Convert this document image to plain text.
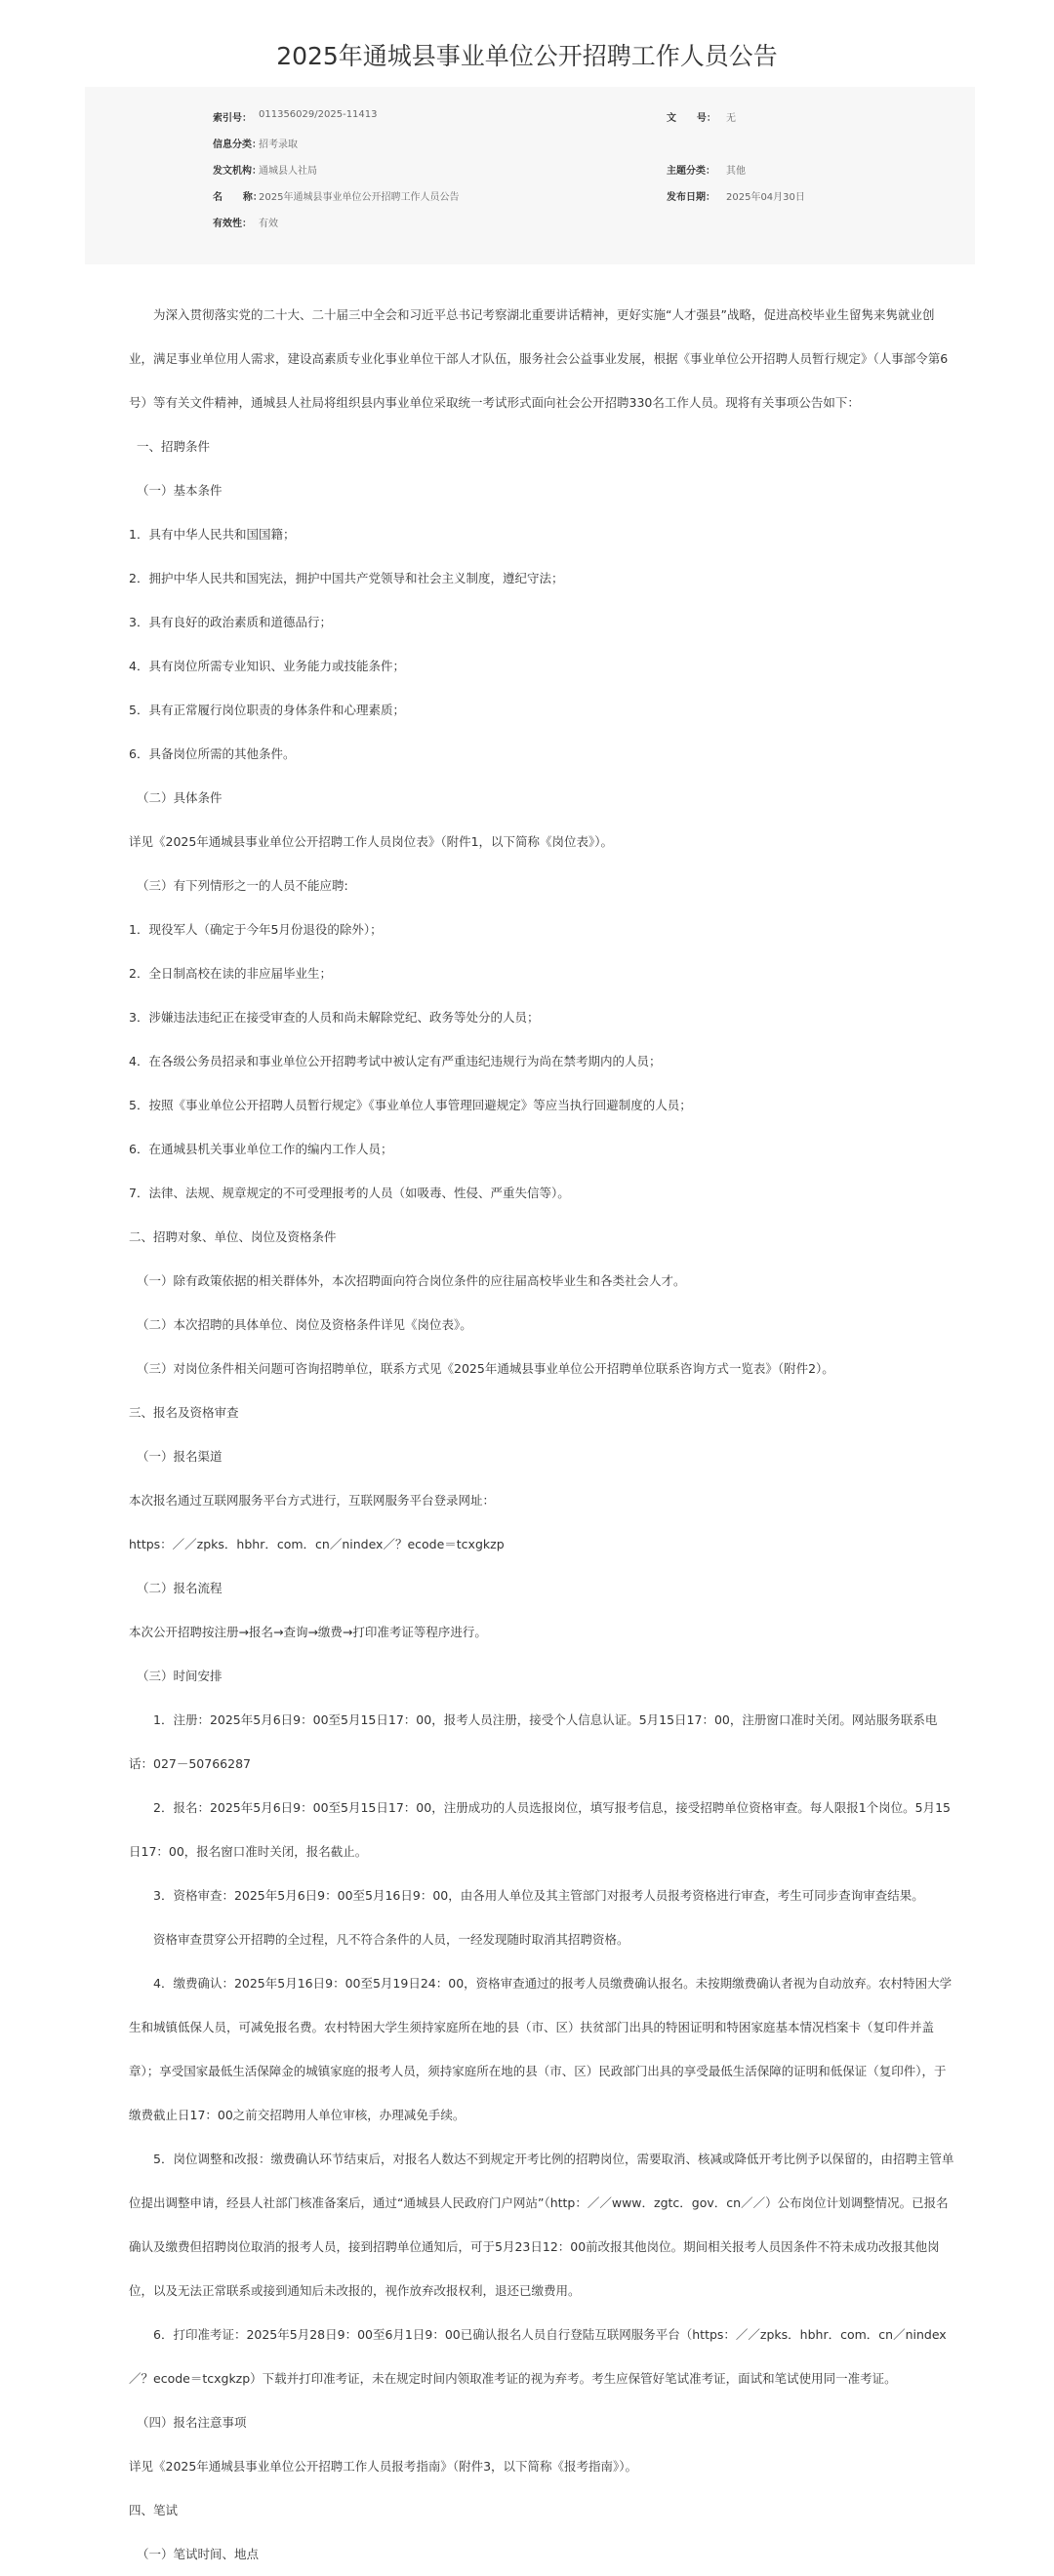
2025年通城县事业单位公开招聘工作人员公告
索引号： 011356029/2025-11413	文      号： 无
信息分类：
招考录取
发文机构：
通城县人社局	主题分类： 其他
名      称：
2025年通城县事业单位公开招聘工作人员公告	发布日期： 2025年04月30日
有效性： 有效

为深入贯彻落实党的二十大、二十届三中全会和习近平总书记考察湖北重要讲话精神，更好实施“人才强县”战略，促进高校毕业生留隽来隽就业创业，满足事业单位用人需求，建设高素质专业化事业单位干部人才队伍，服务社会公益事业发展，根据《事业单位公开招聘人员暂行规定》（人事部令第6号）等有关文件精神，通城县人社局将组织县内事业单位采取统一考试形式面向社会公开招聘330名工作人员。现将有关事项公告如下：

一、招聘条件

（一）基本条件

1．具有中华人民共和国国籍；

2．拥护中华人民共和国宪法，拥护中国共产党领导和社会主义制度，遵纪守法；

3．具有良好的政治素质和道德品行；

4．具有岗位所需专业知识、业务能力或技能条件；

5．具有正常履行岗位职责的身体条件和心理素质；

6．具备岗位所需的其他条件。

（二）具体条件

详见《2025年通城县事业单位公开招聘工作人员岗位表》（附件1，以下简称《岗位表》）。

（三）有下列情形之一的人员不能应聘:

1．现役军人（确定于今年5月份退役的除外）；

2．全日制高校在读的非应届毕业生；

3．涉嫌违法违纪正在接受审查的人员和尚未解除党纪、政务等处分的人员；

4．在各级公务员招录和事业单位公开招聘考试中被认定有严重违纪违规行为尚在禁考期内的人员；

5．按照《事业单位公开招聘人员暂行规定》《事业单位人事管理回避规定》等应当执行回避制度的人员；

6．在通城县机关事业单位工作的编内工作人员；

7．法律、法规、规章规定的不可受理报考的人员（如吸毒、性侵、严重失信等）。

二、招聘对象、单位、岗位及资格条件

（一）除有政策依据的相关群体外，本次招聘面向符合岗位条件的应往届高校毕业生和各类社会人才。

（二）本次招聘的具体单位、岗位及资格条件详见《岗位表》。

（三）对岗位条件相关问题可咨询招聘单位，联系方式见《2025年通城县事业单位公开招聘单位联系咨询方式一览表》（附件2）。

三、报名及资格审查

（一）报名渠道

本次报名通过互联网服务平台方式进行，互联网服务平台登录网址：

https：／／zpks．hbhr．com．cn／nindex／？ecode＝tcxgkzp

（二）报名流程

本次公开招聘按注册→报名→查询→缴费→打印准考证等程序进行。

（三）时间安排

1．注册：2025年5月6日9：00至5月15日17：00，报考人员注册，接受个人信息认证。5月15日17：00，注册窗口准时关闭。网站服务联系电话：027－50766287

2．报名：2025年5月6日9：00至5月15日17：00，注册成功的人员选报岗位，填写报考信息，接受招聘单位资格审查。每人限报1个岗位。5月15日17：00，报名窗口准时关闭，报名截止。

3．资格审查：2025年5月6日9：00至5月16日9：00，由各用人单位及其主管部门对报考人员报考资格进行审查，考生可同步查询审查结果。

资格审查贯穿公开招聘的全过程，凡不符合条件的人员，一经发现随时取消其招聘资格。

4．缴费确认：2025年5月16日9：00至5月19日24：00，资格审查通过的报考人员缴费确认报名。未按期缴费确认者视为自动放弃。农村特困大学生和城镇低保人员，可减免报名费。农村特困大学生须持家庭所在地的县（市、区）扶贫部门出具的特困证明和特困家庭基本情况档案卡（复印件并盖章）；享受国家最低生活保障金的城镇家庭的报考人员，须持家庭所在地的县（市、区）民政部门出具的享受最低生活保障的证明和低保证（复印件），于缴费截止日17：00之前交招聘用人单位审核，办理减免手续。

5．岗位调整和改报：缴费确认环节结束后，对报名人数达不到规定开考比例的招聘岗位，需要取消、核减或降低开考比例予以保留的，由招聘主管单位提出调整申请，经县人社部门核准备案后，通过“通城县人民政府门户网站”（http：／／www．zgtc．gov．cn／／）公布岗位计划调整情况。已报名确认及缴费但招聘岗位取消的报考人员，接到招聘单位通知后，可于5月23日12：00前改报其他岗位。期间相关报考人员因条件不符未成功改报其他岗位，以及无法正常联系或接到通知后未改报的，视作放弃改报权利，退还已缴费用。

6．打印准考证：2025年5月28日9：00至6月1日9：00已确认报名人员自行登陆互联网服务平台（https：／／zpks．hbhr．com．cn／nindex／？ecode＝tcxgkzp）下载并打印准考证，未在规定时间内领取准考证的视为弃考。考生应保管好笔试准考证，面试和笔试使用同一准考证。

（四）报名注意事项

详见《2025年通城县事业单位公开招聘工作人员报考指南》（附件3，以下简称《报考指南》）。

四、笔试

（一）笔试时间、地点
